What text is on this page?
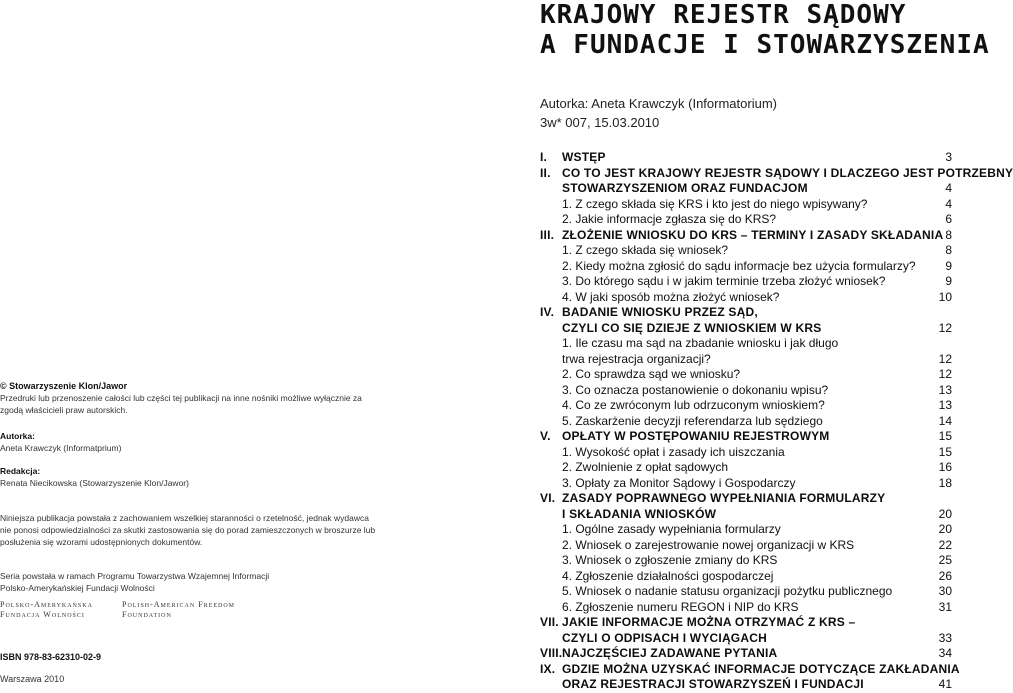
KRAJOWY REJESTR SĄDOWY
A FUNDACJE I STOWARZYSZENIA
Autorka: Aneta Krawczyk (Informatorium)
3w* 007, 15.03.2010
© Stowarzyszenie Klon/Jawor
Przedruki lub przenoszenie całości lub części tej publikacji na inne nośniki możliwe wyłącznie za zgodą właścicieli praw autorskich.
Autorka:
Aneta Krawczyk (Informatprium)
Redakcja:
Renata Niecikowska (Stowarzyszenie Klon/Jawor)
Niniejsza publikacja powstała z zachowaniem wszelkiej staranności o rzetelność, jednak wydawca nie ponosi odpowiedzialności za skutki zastosowania się do porad zamieszczonych w broszurze lub posłużenia się wzorami udostępnionych dokumentów.
Seria powstała w ramach Programu Towarzystwa Wzajemnej Informacji Polsko-Amerykańskiej Fundacji Wolności
Polsko-Amerykańska Fundacja Wolności
Polish-American Freedom Foundation
ISBN 978-83-62310-02-9
Warszawa 2010
I. WSTĘP	3
II. CO TO JEST KRAJOWY REJESTR SĄDOWY I DLACZEGO JEST POTRZEBNY
STOWARZYSZENIOM ORAZ FUNDACJOM	4
1. Z czego składa się KRS i kto jest do niego wpisywany?	4
2. Jakie informacje zgłasza się do KRS?	6
III. ZŁOŻENIE WNIOSKU DO KRS – TERMINY I ZASADY SKŁADANIA 8
1. Z czego składa się wniosek?	8
2. Kiedy można zgłosić do sądu informacje bez użycia formularzy? 9
3. Do którego sądu i w jakim terminie trzeba złożyć wniosek?	9
4. W jaki sposób można złożyć wniosek?	10
IV. BADANIE WNIOSKU PRZEZ SĄD,
CZYLI CO SIĘ DZIEJE Z WNIOSKIEM W KRS	12
1. Ile czasu ma sąd na zbadanie wniosku i jak długo
trwa rejestracja organizacji?	12
2. Co sprawdza sąd we wniosku?	12
3. Co oznacza postanowienie o dokonaniu wpisu?	13
4. Co ze zwróconym lub odrzuconym wnioskiem?	13
5. Zaskarżenie decyzji referendarza lub sędziego	14
V. OPŁATY W POSTĘPOWANIU REJESTROWYM	15
1. Wysokość opłat i zasady ich uiszczania	15
2. Zwolnienie z opłat sądowych	16
3. Opłaty za Monitor Sądowy i Gospodarczy	18
VI. ZASADY POPRAWNEGO WYPEŁNIANIA FORMULARZY
I SKŁADANIA WNIOSKÓW	20
1. Ogólne zasady wypełniania formularzy	20
2. Wniosek o zarejestrowanie nowej organizacji w KRS	22
3. Wniosek o zgłoszenie zmiany do KRS	25
4. Zgłoszenie działalności gospodarczej	26
5. Wniosek o nadanie statusu organizacji pożytku publicznego	30
6. Zgłoszenie numeru REGON i NIP do KRS	31
VII. JAKIE INFORMACJE MOŻNA OTRZYMAĆ Z KRS –
CZYLI O ODPISACH I WYCIĄGACH	33
VIII. NAJCZĘŚCIEJ ZADAWANE PYTANIA	34
IX. GDZIE MOŻNA UZYSKAĆ INFORMACJE DOTYCZĄCE ZAKŁADANIA
ORAZ REJESTRACJI STOWARZYSZEŃ I FUNDACJI	41
